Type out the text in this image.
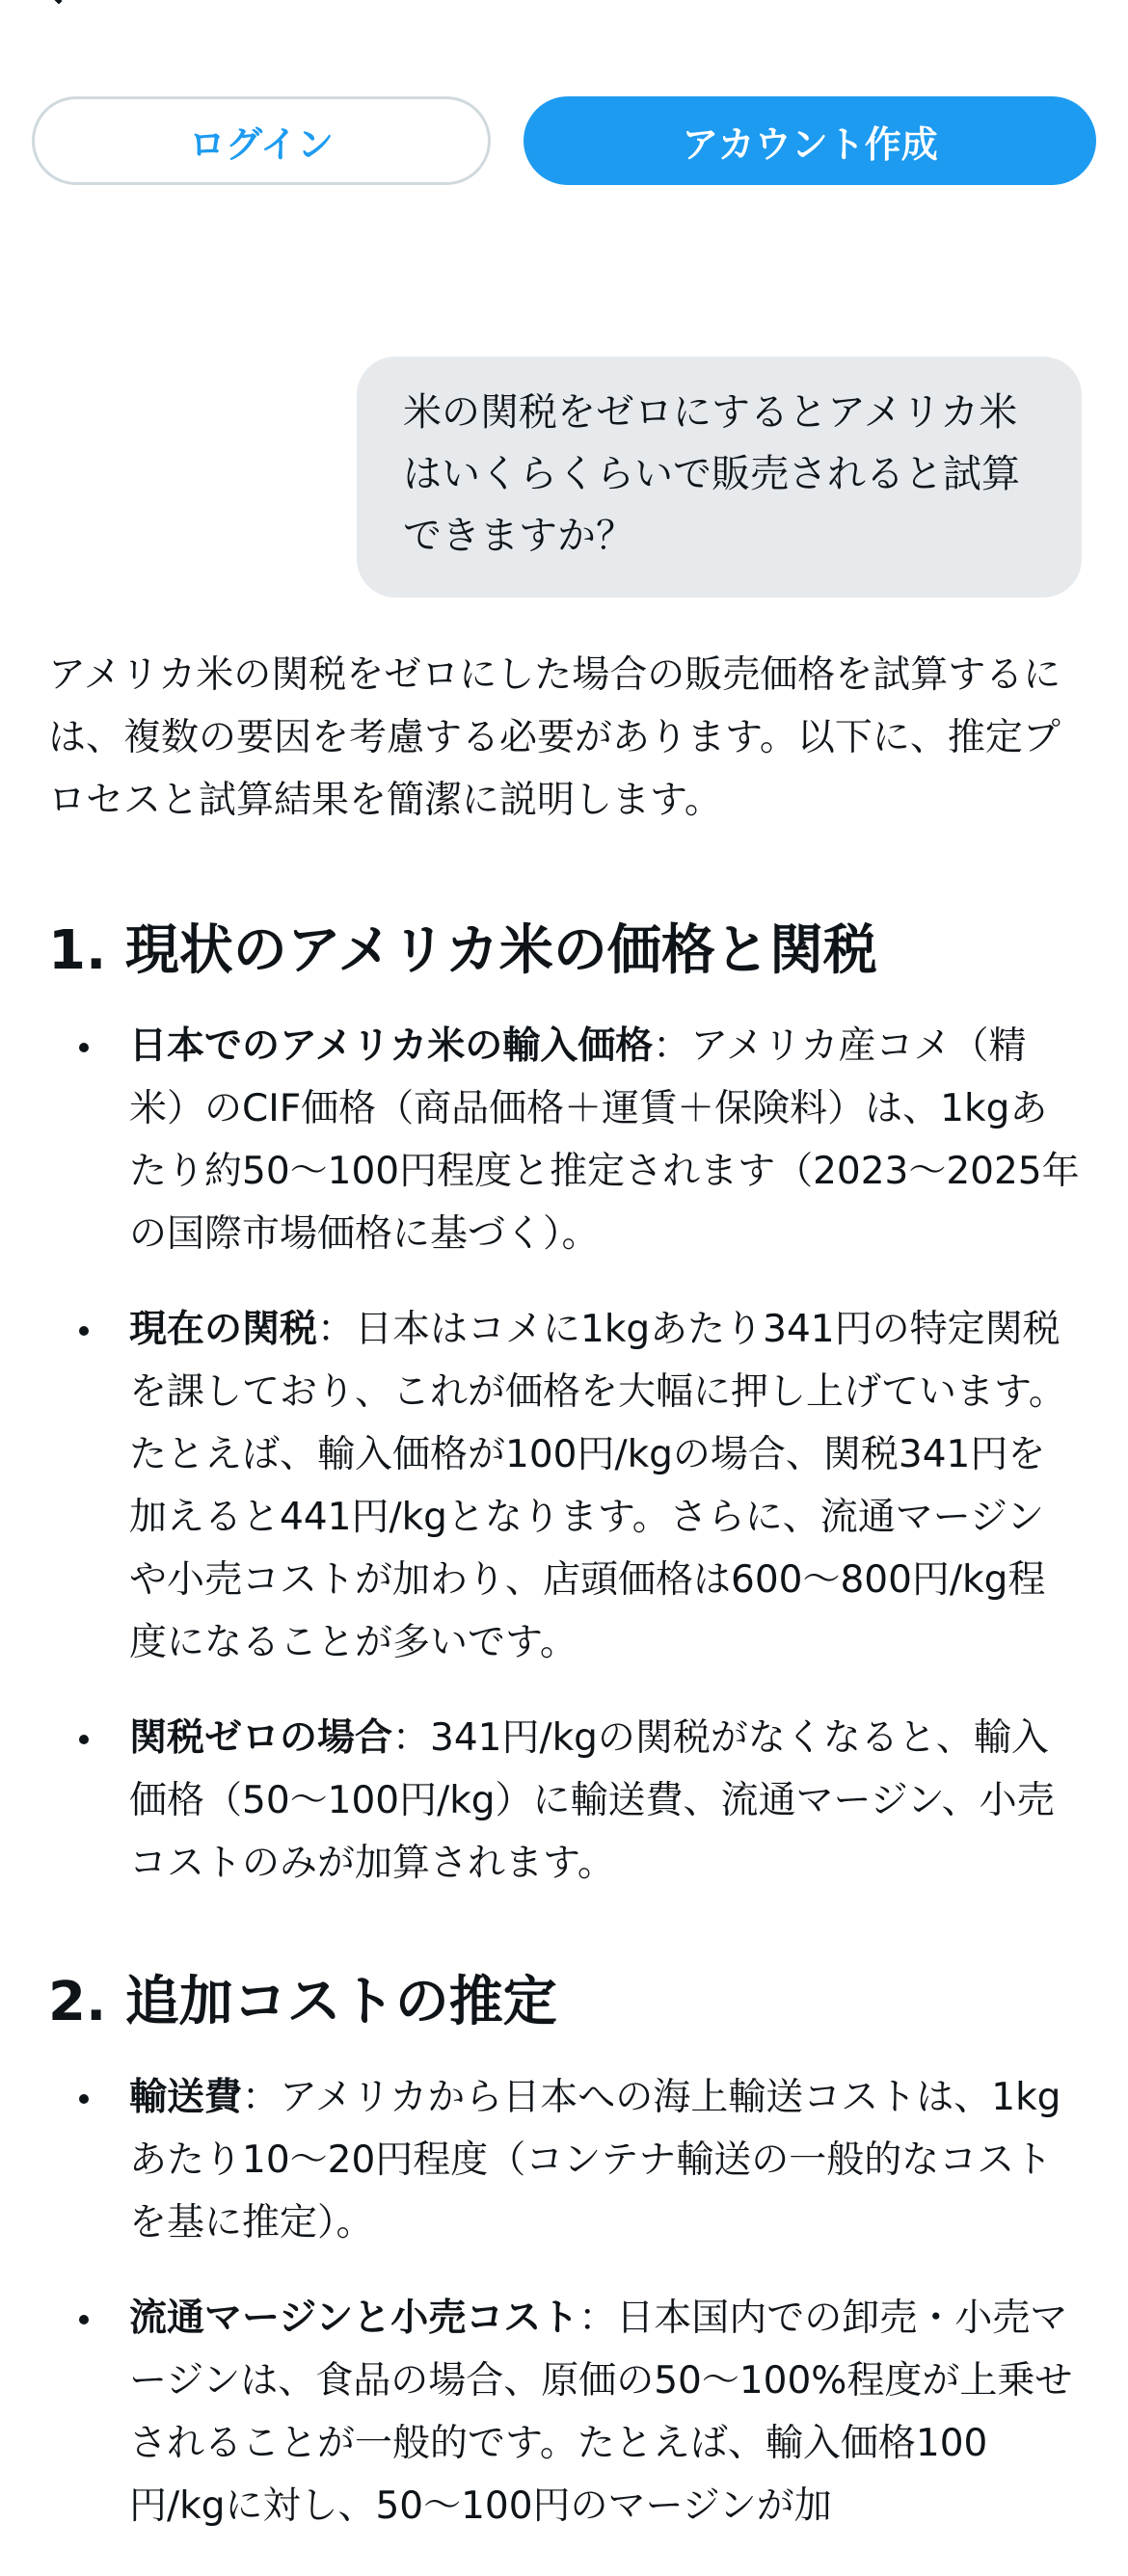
ログイン	アカウント作成
米の関税をゼロにするとアメリカ米はいくらくらいで販売されると試算できますか？

アメリカ米の関税をゼロにした場合の販売価格を試算するには、複数の要因を考慮する必要があります。以下に、推定プロセスと試算結果を簡潔に説明します。

1. 現状のアメリカ米の価格と関税
日本でのアメリカ米の輸入価格：アメリカ産コメ（精米）のCIF価格（商品価格＋運賃＋保険料）は、1kgあたり約50〜100円程度と推定されます（2023〜2025年の国際市場価格に基づく）。
現在の関税：日本はコメに1kgあたり341円の特定関税を課しており、これが価格を大幅に押し上げています。たとえば、輸入価格が100円/kgの場合、関税341円を加えると441円/kgとなります。さらに、流通マージンや小売コストが加わり、店頭価格は600〜800円/kg程度になることが多いです。
関税ゼロの場合：341円/kgの関税がなくなると、輸入価格（50〜100円/kg）に輸送費、流通マージン、小売コストのみが加算されます。
2. 追加コストの推定
輸送費：アメリカから日本への海上輸送コストは、1kgあたり10〜20円程度（コンテナ輸送の一般的なコストを基に推定）。
流通マージンと小売コスト：日本国内での卸売・小売マージンは、食品の場合、原価の50〜100%程度が上乗せされることが一般的です。たとえば、輸入価格100円/kgに対し、50〜100円のマージンが加
